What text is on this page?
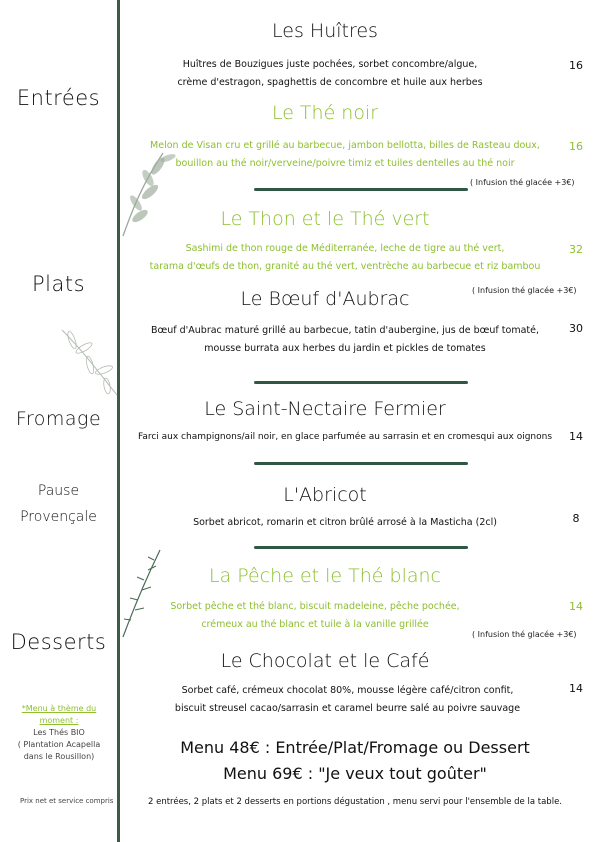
Entrées
Plats
Fromage
Pause
Provençale
Desserts
*Menu à thème du moment :
Les Thés BIO
( Plantation Acapella
dans le Rousillon)
Prix net et service compris
Les Huîtres
Huîtres de Bouzigues juste pochées, sorbet concombre/algue,
crème d'estragon, spaghettis de concombre et huile aux herbes
16
Le Thé noir
Melon de Visan cru et grillé au barbecue, jambon bellotta, billes de Rasteau doux,
bouillon au thé noir/verveine/poivre timiz et tuiles dentelles au thé noir
16
( Infusion thé glacée +3€)
Le Thon et le Thé vert
Sashimi de thon rouge de Méditerranée, leche de tigre au thé vert,
tarama d'œufs de thon, granité au thé vert, ventrèche au barbecue et riz bambou
32
( Infusion thé glacée +3€)
Le Bœuf d'Aubrac
Bœuf d'Aubrac maturé grillé au barbecue, tatin d'aubergine, jus de bœuf tomaté,
mousse burrata aux herbes du jardin et pickles de tomates
30
Le Saint-Nectaire Fermier
Farci aux champignons/ail noir, en glace parfumée au sarrasin et en cromesqui aux oignons	14
L'Abricot
Sorbet abricot, romarin et citron brûlé arrosé à la Masticha (2cl)	8
La Pêche et le Thé blanc
Sorbet pêche et thé blanc, biscuit madeleine, pêche pochée,
crémeux au thé blanc et tuile à la vanille grillée
14
( Infusion thé glacée +3€)
Le Chocolat et le Café
Sorbet café, crémeux chocolat 80%, mousse légère café/citron confit,
biscuit streusel cacao/sarrasin et caramel beurre salé au poivre sauvage
14
Menu 48€ : Entrée/Plat/Fromage ou Dessert
Menu 69€ : "Je veux tout goûter"
2 entrées, 2 plats et 2 desserts en portions dégustation , menu servi pour l'ensemble de la table.
